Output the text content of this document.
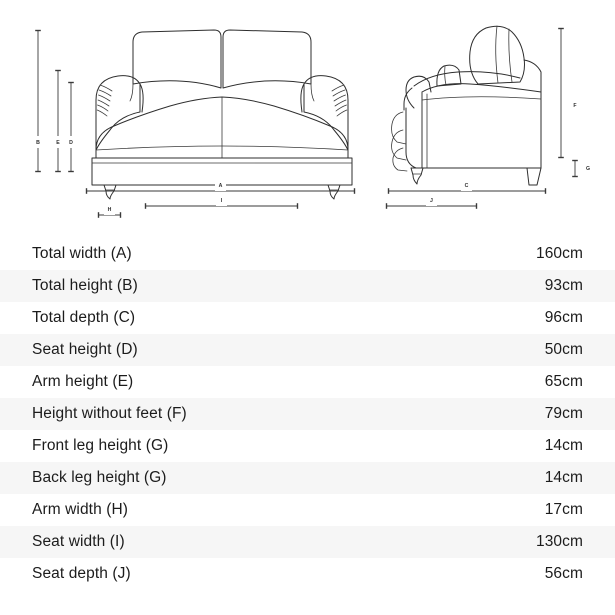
B	E D
F
G
A
I
H
C
J
Total width (A)	160cm
Total height (B)	93cm
Total depth (C)	96cm
Seat height (D)	50cm
Arm height (E)	65cm
Height without feet (F)	79cm
Front leg height (G)	14cm
Back leg height (G)	14cm
Arm width (H)	17cm
Seat width (I)	130cm
Seat depth (J)	56cm
